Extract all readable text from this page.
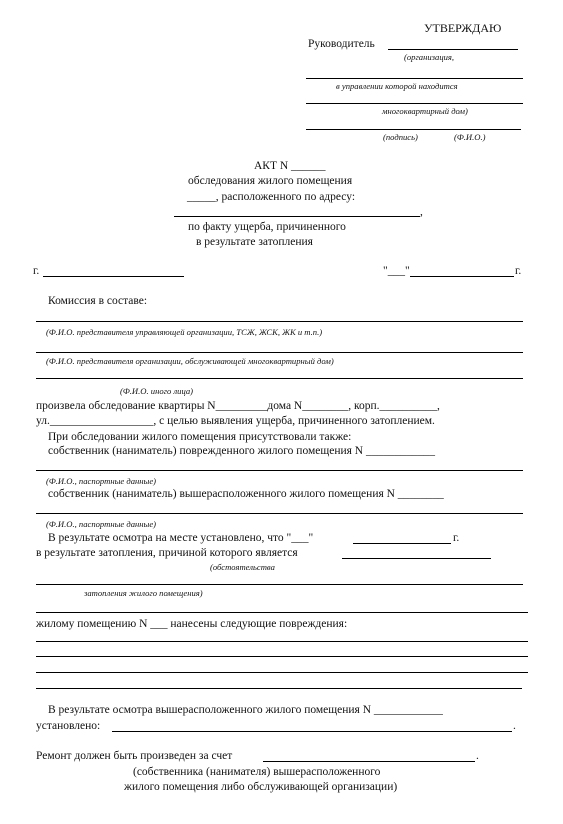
УТВЕРЖДАЮ
Руководитель
(организация,
в управлении которой находится
многоквартирный дом)
(подпись)	(Ф.И.О.)
АКТ N ______
обследования жилого помещения
_____, расположенного по адресу:
,
по факту ущерба, причиненного
в результате затопления
г.	"___"	г.
Комиссия в составе:
(Ф.И.О. представителя управляющей организации, ТСЖ, ЖСК, ЖК и т.п.)
(Ф.И.О. представителя организации, обслуживающей многоквартирный дом)
(Ф.И.О. иного лица)
произвела обследование квартиры N_________дома N________, корп.__________,
ул.__________________, с целью выявления ущерба, причиненного затоплением.
При обследовании жилого помещения присутствовали также:
собственник (наниматель) поврежденного жилого помещения N ____________
(Ф.И.О., паспортные данные)
собственник (наниматель) вышерасположенного жилого помещения N ________
(Ф.И.О., паспортные данные)
В результате осмотра на месте установлено, что "___"	г.
в результате затопления, причиной которого является
(обстоятельства
затопления жилого помещения)
жилому помещению N ___ нанесены следующие повреждения:
В результате осмотра вышерасположенного жилого помещения N ____________
установлено:	.
Ремонт должен быть произведен за счет	.
(собственника (нанимателя) вышерасположенного
жилого помещения либо обслуживающей организации)
